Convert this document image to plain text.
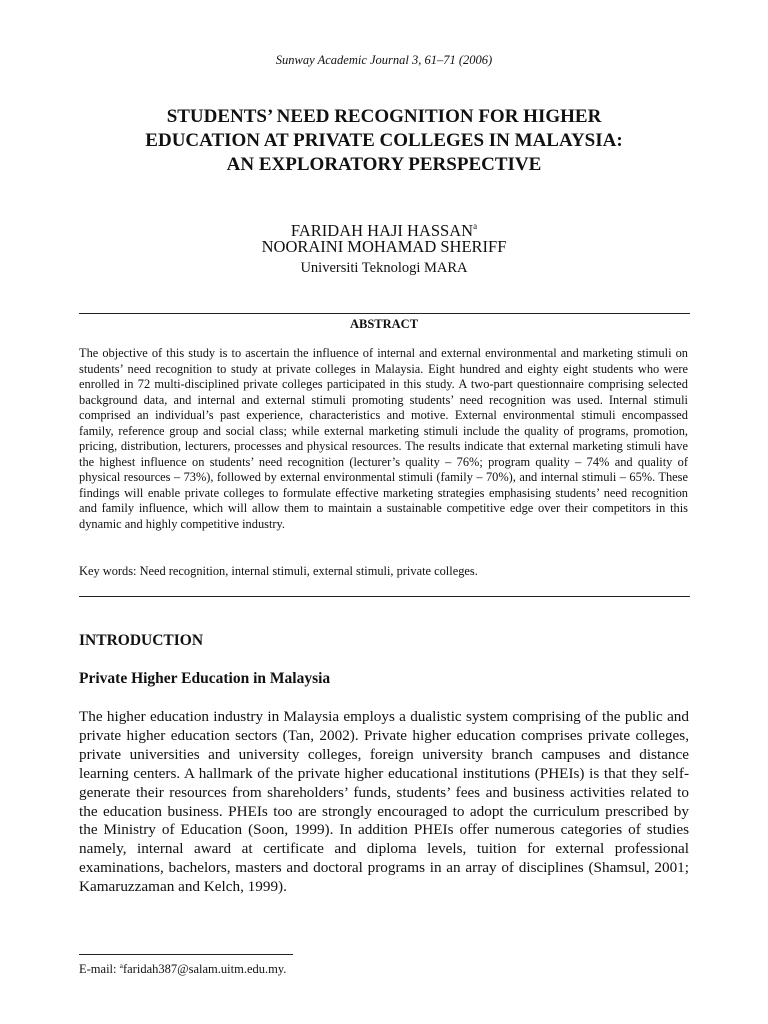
Sunway Academic Journal 3, 61–71 (2006)
STUDENTS’ NEED RECOGNITION FOR HIGHER
EDUCATION AT PRIVATE COLLEGES IN MALAYSIA:
AN EXPLORATORY PERSPECTIVE
FARIDAH HAJI HASSAN$^a$
NOORAINI MOHAMAD SHERIFF
Universiti Teknologi MARA
ABSTRACT
The objective of this study is to ascertain the influence of internal and external environmental and marketing stimuli on students’ need recognition to study at private colleges in Malaysia. Eight hundred and eighty eight students who were enrolled in 72 multi-disciplined private colleges participated in this study. A two-part questionnaire comprising selected background data, and internal and external stimuli promoting students’ need recognition was used. Internal stimuli comprised an individual’s past experience, characteristics and motive. External environmental stimuli encompassed family, reference group and social class; while external marketing stimuli include the quality of programs, promotion, pricing, distribution, lecturers, processes and physical resources. The results indicate that external marketing stimuli have the highest influence on students’ need recognition (lecturer’s quality – 76%; program quality – 74% and quality of physical resources – 73%), followed by external environmental stimuli (family – 70%), and internal stimuli – 65%. These findings will enable private colleges to formulate effective marketing strategies emphasising students’ need recognition and family influence, which will allow them to maintain a sustainable competitive edge over their competitors in this dynamic and highly competitive industry.
Key words: Need recognition, internal stimuli, external stimuli, private colleges.
INTRODUCTION
Private Higher Education in Malaysia
The higher education industry in Malaysia employs a dualistic system comprising of the public and private higher education sectors (Tan, 2002). Private higher education comprises private colleges, private universities and university colleges, foreign university branch campuses and distance learning centers. A hallmark of the private higher educational institutions (PHEIs) is that they self-generate their resources from shareholders’ funds, students’ fees and business activities related to the education business. PHEIs too are strongly encouraged to adopt the curriculum prescribed by the Ministry of Education (Soon, 1999). In addition PHEIs offer numerous categories of studies namely, internal award at certificate and diploma levels, tuition for external professional examinations, bachelors, masters and doctoral programs in an array of disciplines (Shamsul, 2001; Kamaruzzaman and Kelch, 1999).
E-mail: $^a$faridah387@salam.uitm.edu.my.
